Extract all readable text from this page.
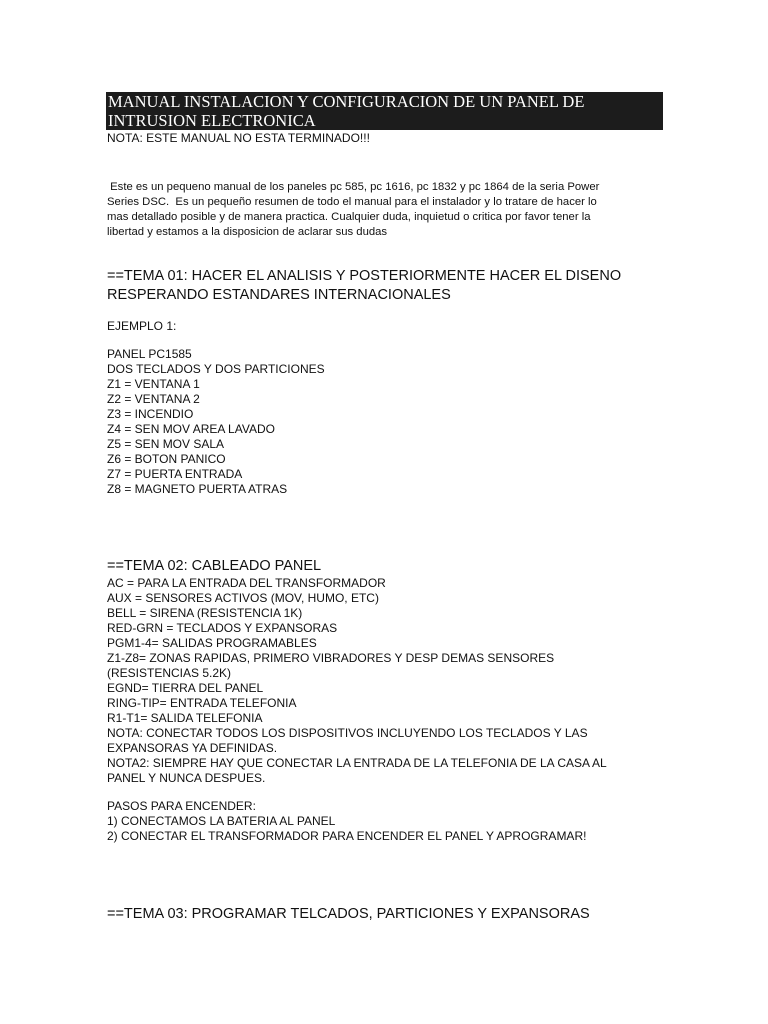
MANUAL INSTALACION Y CONFIGURACION DE UN PANEL DE
INTRUSION ELECTRONICA
NOTA: ESTE MANUAL NO ESTA TERMINADO!!!
Este es un pequeno manual de los paneles pc 585, pc 1616, pc 1832 y pc 1864 de la seria Power
Series DSC.  Es un pequeño resumen de todo el manual para el instalador y lo tratare de hacer lo
mas detallado posible y de manera practica. Cualquier duda, inquietud o critica por favor tener la
libertad y estamos a la disposicion de aclarar sus dudas
==TEMA 01: HACER EL ANALISIS Y POSTERIORMENTE HACER EL DISENO
RESPERANDO ESTANDARES INTERNACIONALES
EJEMPLO 1:
PANEL PC1585
DOS TECLADOS Y DOS PARTICIONES
Z1 = VENTANA 1
Z2 = VENTANA 2
Z3 = INCENDIO
Z4 = SEN MOV AREA LAVADO
Z5 = SEN MOV SALA
Z6 = BOTON PANICO
Z7 = PUERTA ENTRADA
Z8 = MAGNETO PUERTA ATRAS
==TEMA 02: CABLEADO PANEL
AC = PARA LA ENTRADA DEL TRANSFORMADOR
AUX = SENSORES ACTIVOS (MOV, HUMO, ETC)
BELL = SIRENA (RESISTENCIA 1K)
RED-GRN = TECLADOS Y EXPANSORAS
PGM1-4= SALIDAS PROGRAMABLES
Z1-Z8= ZONAS RAPIDAS, PRIMERO VIBRADORES Y DESP DEMAS SENSORES
(RESISTENCIAS 5.2K)
EGND= TIERRA DEL PANEL
RING-TIP= ENTRADA TELEFONIA
R1-T1= SALIDA TELEFONIA
NOTA: CONECTAR TODOS LOS DISPOSITIVOS INCLUYENDO LOS TECLADOS Y LAS
EXPANSORAS YA DEFINIDAS.
NOTA2: SIEMPRE HAY QUE CONECTAR LA ENTRADA DE LA TELEFONIA DE LA CASA AL
PANEL Y NUNCA DESPUES.
PASOS PARA ENCENDER:
1) CONECTAMOS LA BATERIA AL PANEL
2) CONECTAR EL TRANSFORMADOR PARA ENCENDER EL PANEL Y APROGRAMAR!
==TEMA 03: PROGRAMAR TELCADOS, PARTICIONES Y EXPANSORAS
